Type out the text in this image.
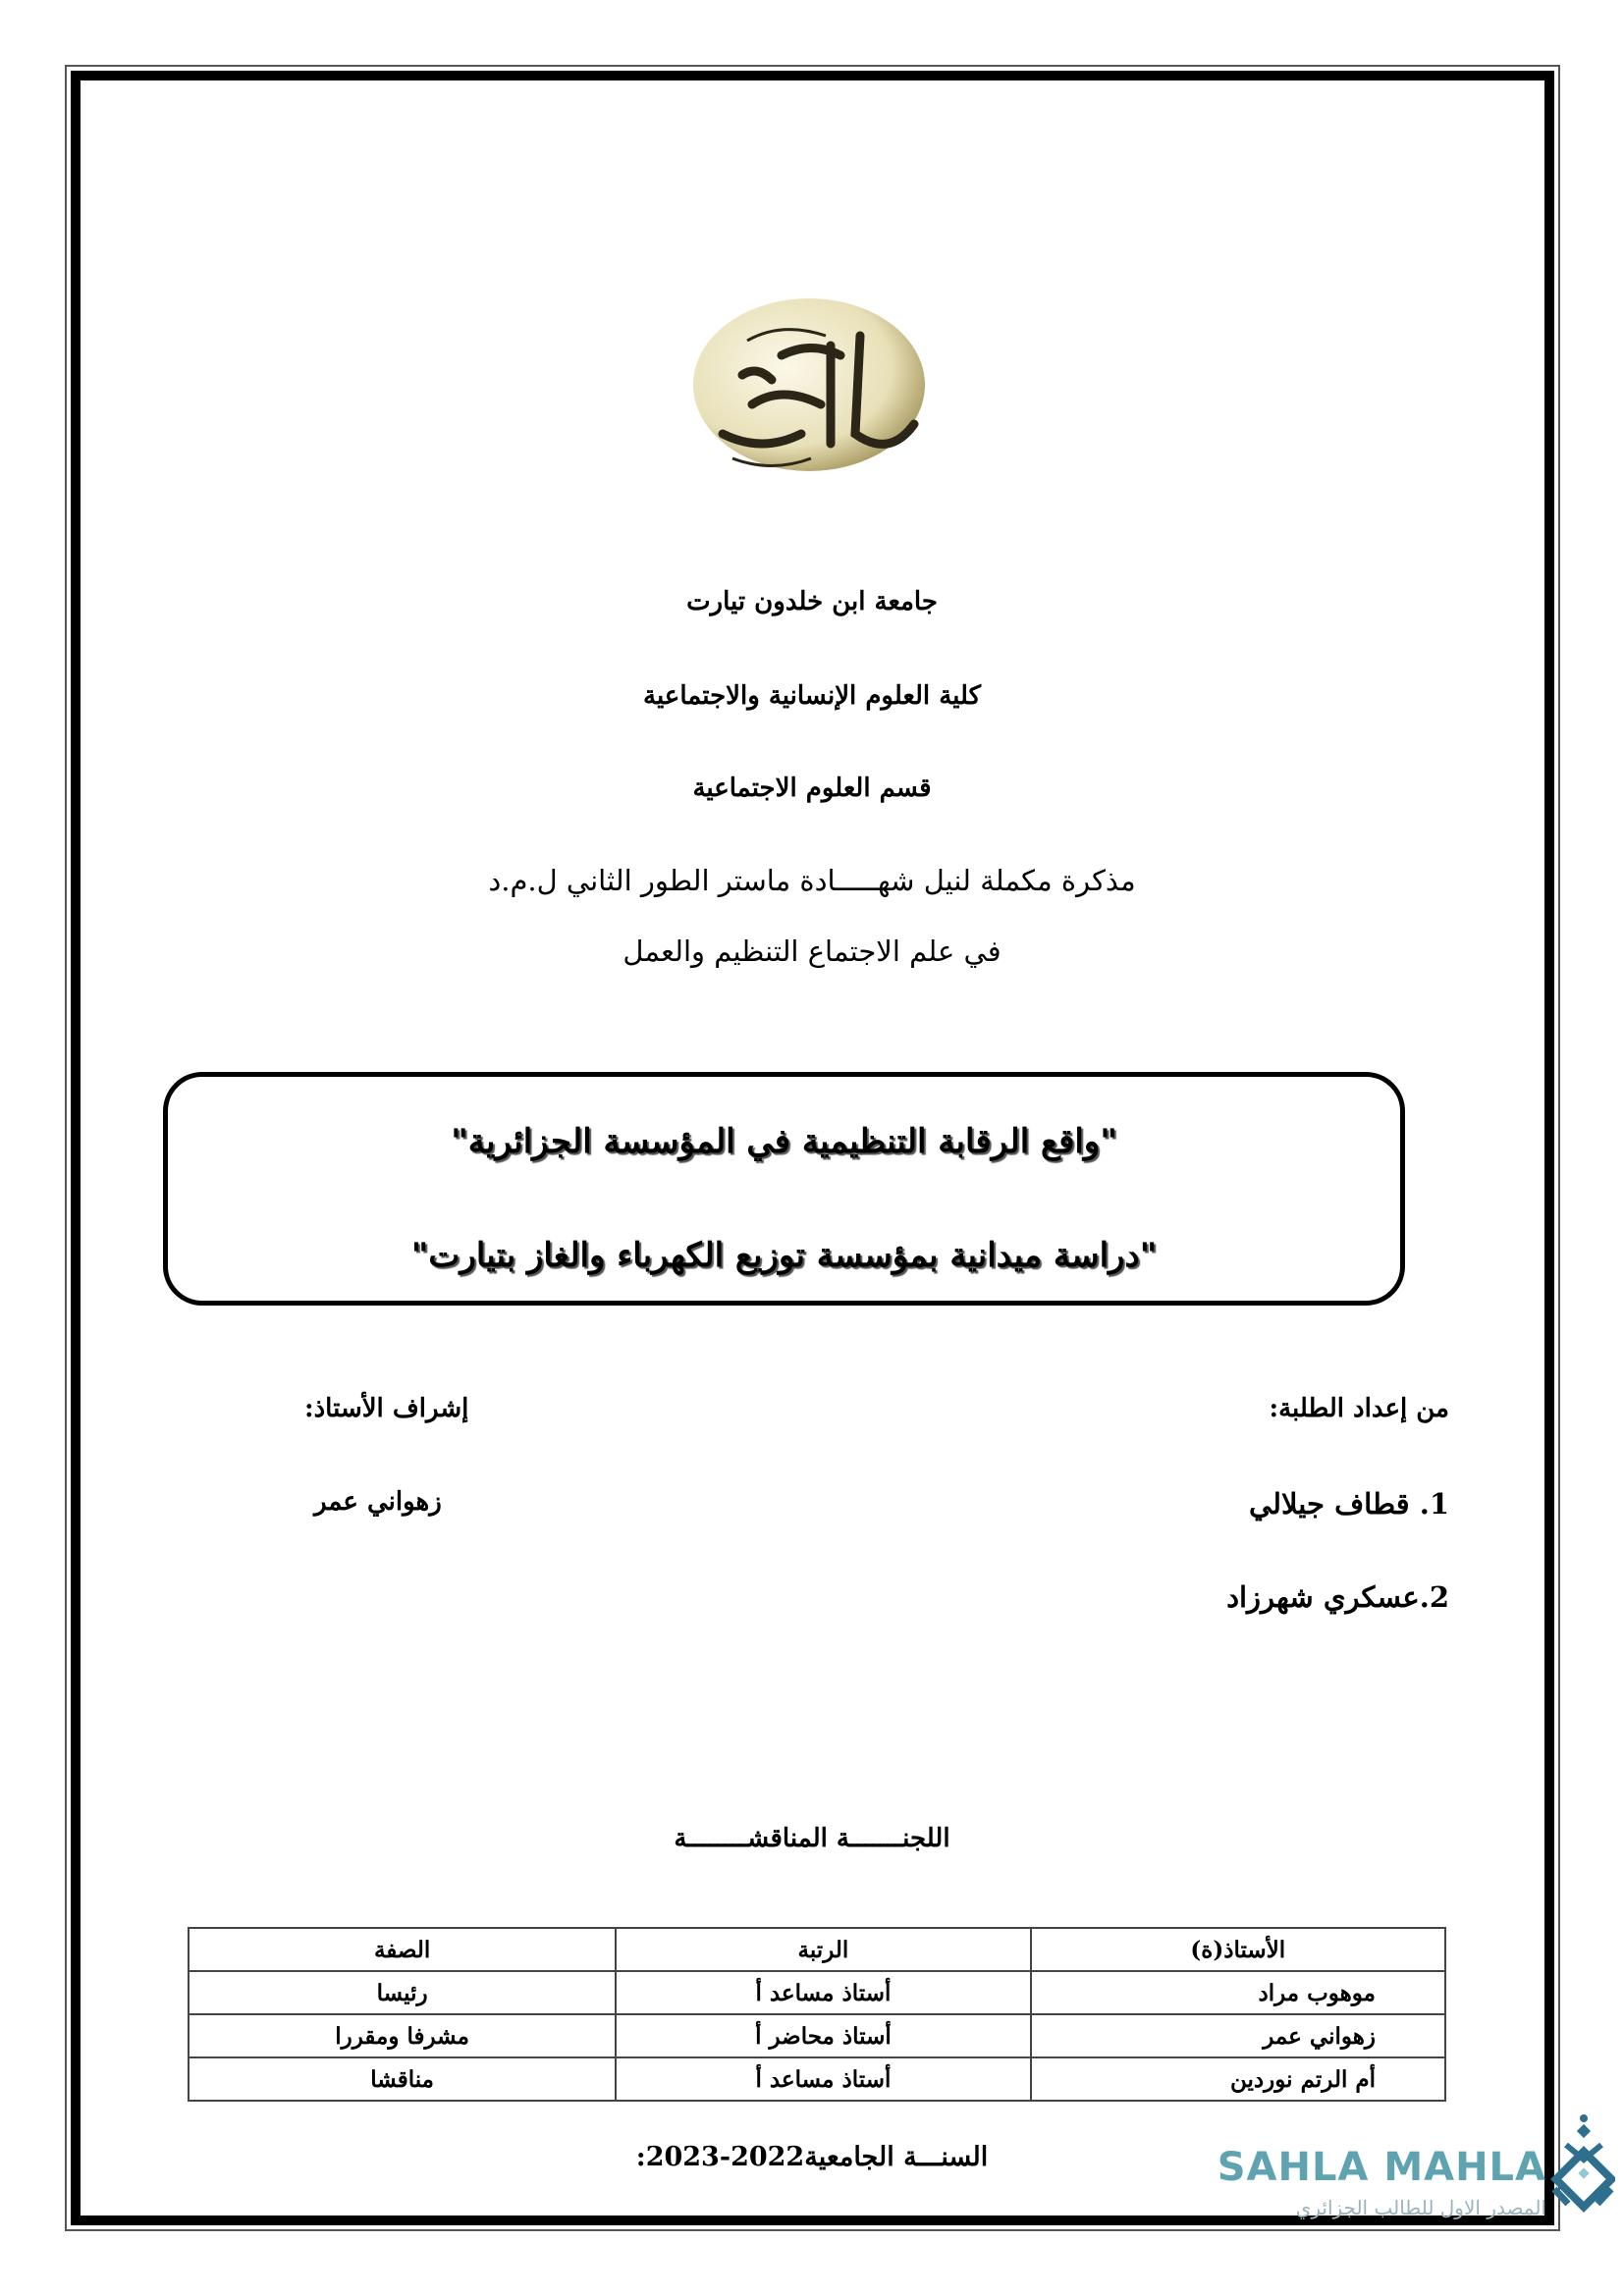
جامعة ابن خلدون تيارت
كلية العلوم الإنسانية والاجتماعية
قسم العلوم الاجتماعية
مذكرة مكملة لنيل شهـــــادة ماستر الطور الثاني ل.م.د
في علم الاجتماع التنظيم والعمل
"واقع الرقابة التنظيمية في المؤسسة الجزائرية"
"دراسة ميدانية بمؤسسة توزيع الكهرباء والغاز بتيارت"
من إعداد الطلبة:
1. قطاف جيلالي
2.عسكري شهرزاد
إشراف الأستاذ:
زهواني عمر
اللجنـــــــة المناقشــــــــة
الأستاذ(ة)	الرتبة	الصفة
موهوب مراد	أستاذ مساعد أ	رئيسا
زهواني عمر	أستاذ محاضر أ	مشرفا ومقررا
أم الرتم نوردين	أستاذ مساعد أ	مناقشا
السنـــة الجامعية2022-2023:	SAHLA MAHLA
المصدر الاول للطالب الجزائري
